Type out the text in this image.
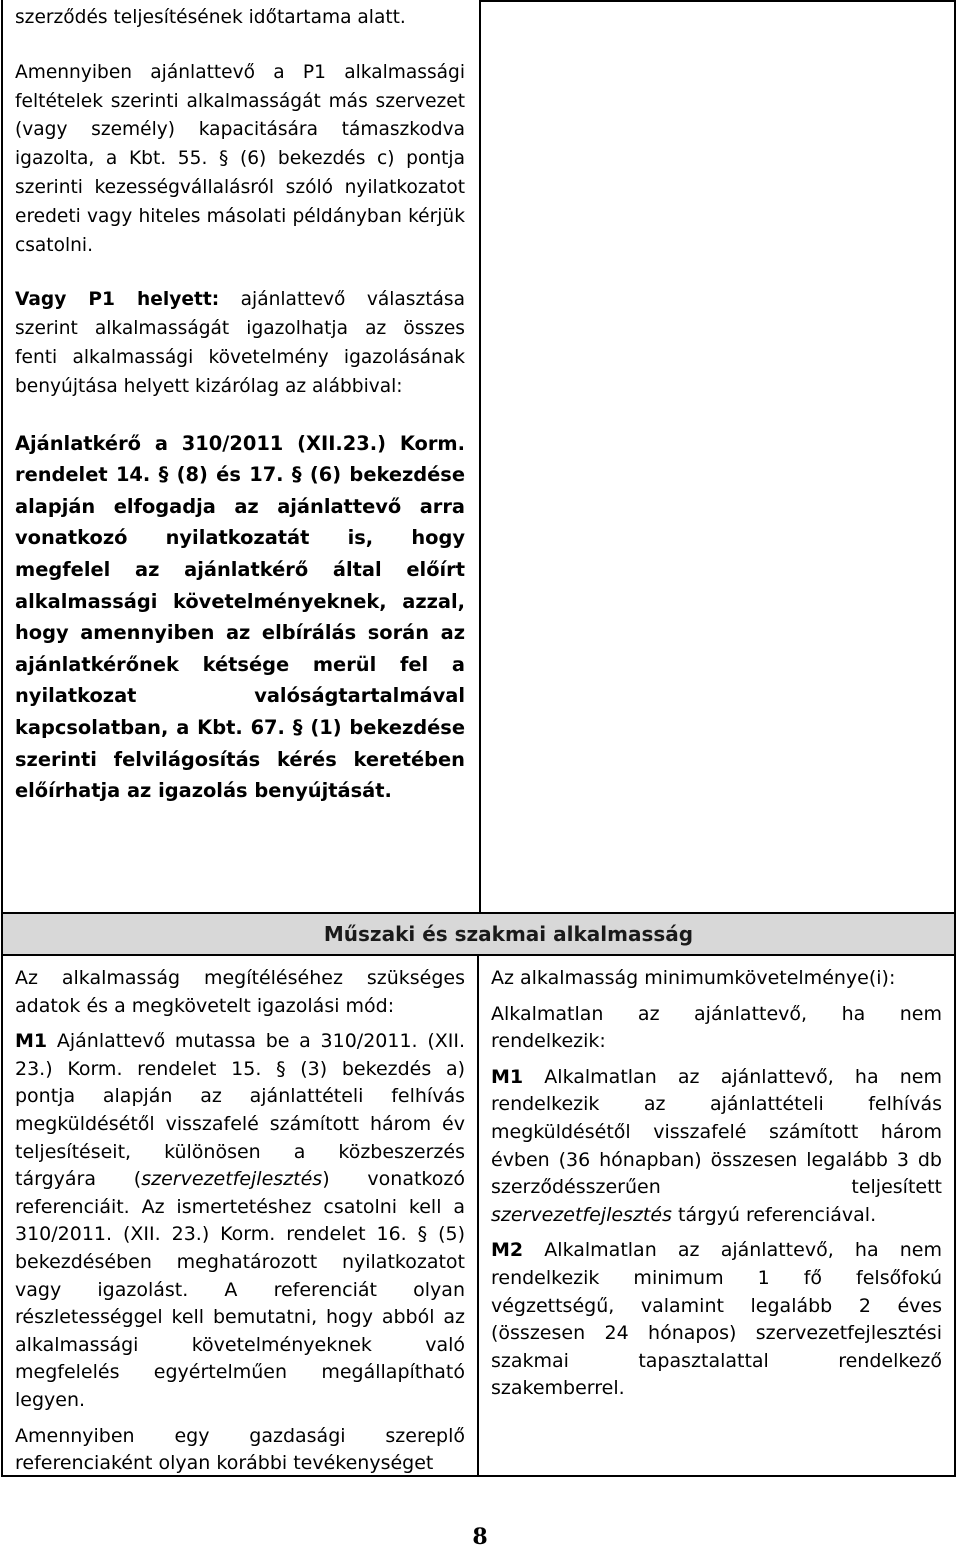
szerződés teljesítésének időtartama alatt.

Amennyiben ajánlattevő a P1 alkalmassági feltételek szerinti alkalmasságát más szervezet (vagy személy) kapacitására támaszkodva igazolta, a Kbt. 55. § (6) bekezdés c) pontja szerinti kezességvállalásról szóló nyilatkozatot eredeti vagy hiteles másolati példányban kérjük csatolni.

Vagy P1 helyett: ajánlattevő választása szerint alkalmasságát igazolhatja az összes fenti alkalmassági követelmény igazolásának benyújtása helyett kizárólag az alábbival:

Ajánlatkérő a 310/2011 (XII.23.) Korm. rendelet 14. § (8) és 17. § (6) bekezdése alapján elfogadja az ajánlattevő arra vonatkozó nyilatkozatát is, hogy megfelel az ajánlatkérő által előírt alkalmassági követelményeknek, azzal, hogy amennyiben az elbírálás során az ajánlatkérőnek kétsége merül fel a nyilatkozat valóságtartalmával kapcsolatban, a Kbt. 67. § (1) bekezdése szerinti felvilágosítás kérés keretében előírhatja az igazolás benyújtását.

Műszaki és szakmai alkalmasság

Az alkalmasság megítéléséhez szükséges adatok és a megkövetelt igazolási mód:

M1 Ajánlattevő mutassa be a 310/2011. (XII. 23.) Korm. rendelet 15. § (3) bekezdés a) pontja alapján az ajánlattételi felhívás megküldésétől visszafelé számított három év teljesítéseit, különösen a közbeszerzés tárgyára (szervezetfejlesztés) vonatkozó referenciáit. Az ismertetéshez csatolni kell a 310/2011. (XII. 23.) Korm. rendelet 16. § (5) bekezdésében meghatározott nyilatkozatot vagy igazolást. A referenciát olyan részletességgel kell bemutatni, hogy abból az alkalmassági követelményeknek való megfelelés egyértelműen megállapítható legyen.

Amennyiben egy gazdasági szereplő referenciaként olyan korábbi tevékenységet

Az alkalmasság minimumkövetelménye(i):

Alkalmatlan az ajánlattevő, ha nem rendelkezik:

M1 Alkalmatlan az ajánlattevő, ha nem rendelkezik az ajánlattételi felhívás megküldésétől visszafelé számított három évben (36 hónapban) összesen legalább 3 db szerződésszerűen teljesített szervezetfejlesztés tárgyú referenciával.

M2 Alkalmatlan az ajánlattevő, ha nem rendelkezik minimum 1 fő felsőfokú végzettségű, valamint legalább 2 éves (összesen 24 hónapos) szervezetfejlesztési szakmai tapasztalattal rendelkező szakemberrel.

8
